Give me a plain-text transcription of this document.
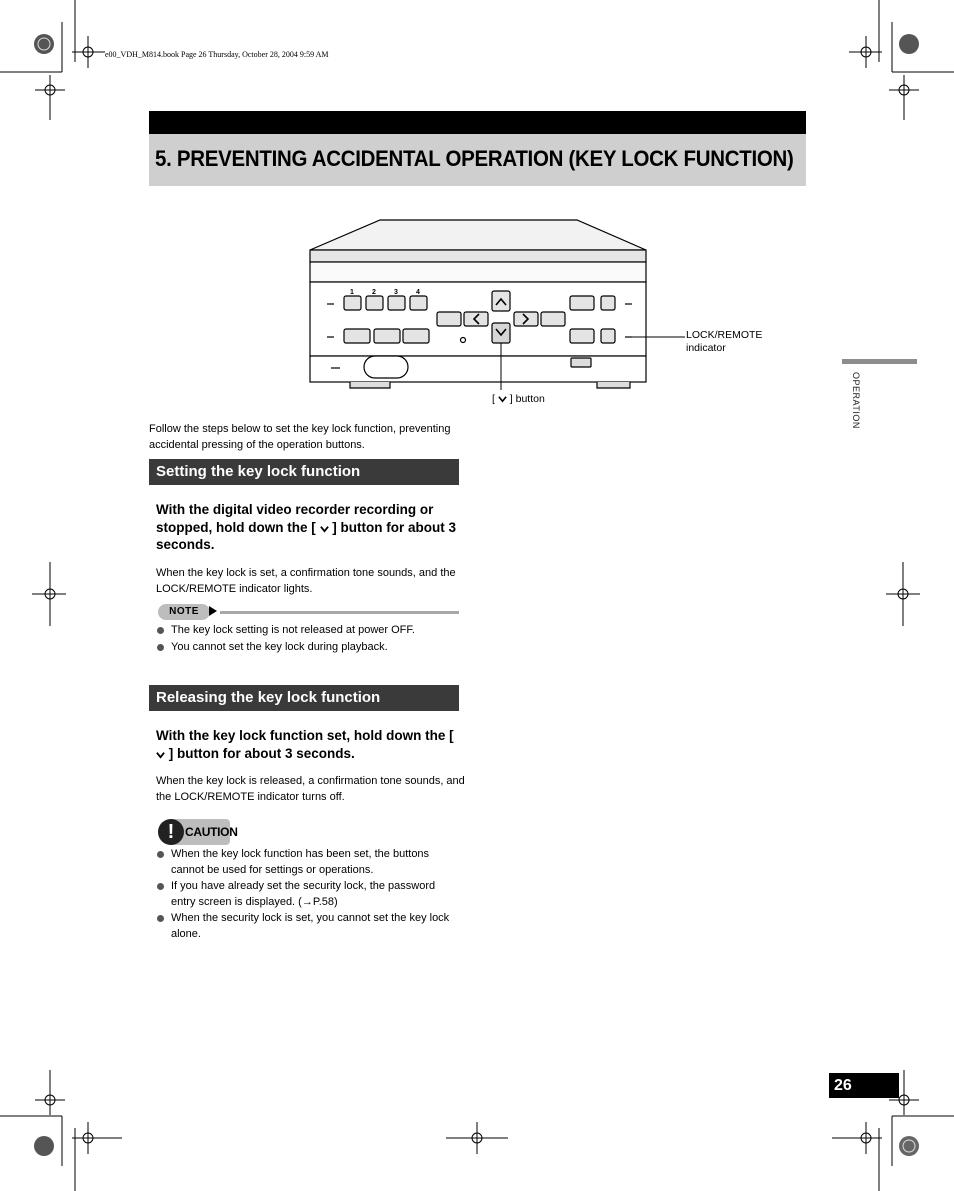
e00_VDH_M814.book Page 26 Thursday, October 28, 2004 9:59 AM
5. PREVENTING ACCIDENTAL OPERATION (KEY LOCK FUNCTION)
OPERATION
1	2	3	4
LOCK/REMOTE
indicator
[ ] button
Follow the steps below to set the key lock function, preventing accidental pressing of the operation buttons.
Setting the key lock function
With the digital video recorder recording or stopped, hold down the [ ] button for about 3 seconds.
When the key lock is set, a confirmation tone sounds, and the LOCK/REMOTE indicator lights.
NOTE
The key lock setting is not released at power OFF.
You cannot set the key lock during playback.
Releasing the key lock function
With the key lock function set, hold down the [  ] button for about 3 seconds.
When the key lock is released, a confirmation tone sounds, and the LOCK/REMOTE indicator turns off.
! CAUTION
When the key lock function has been set, the buttons cannot be used for settings or operations.
If you have already set the security lock, the password entry screen is displayed. (→P.58)
When the security lock is set, you cannot set the key lock alone.
26
